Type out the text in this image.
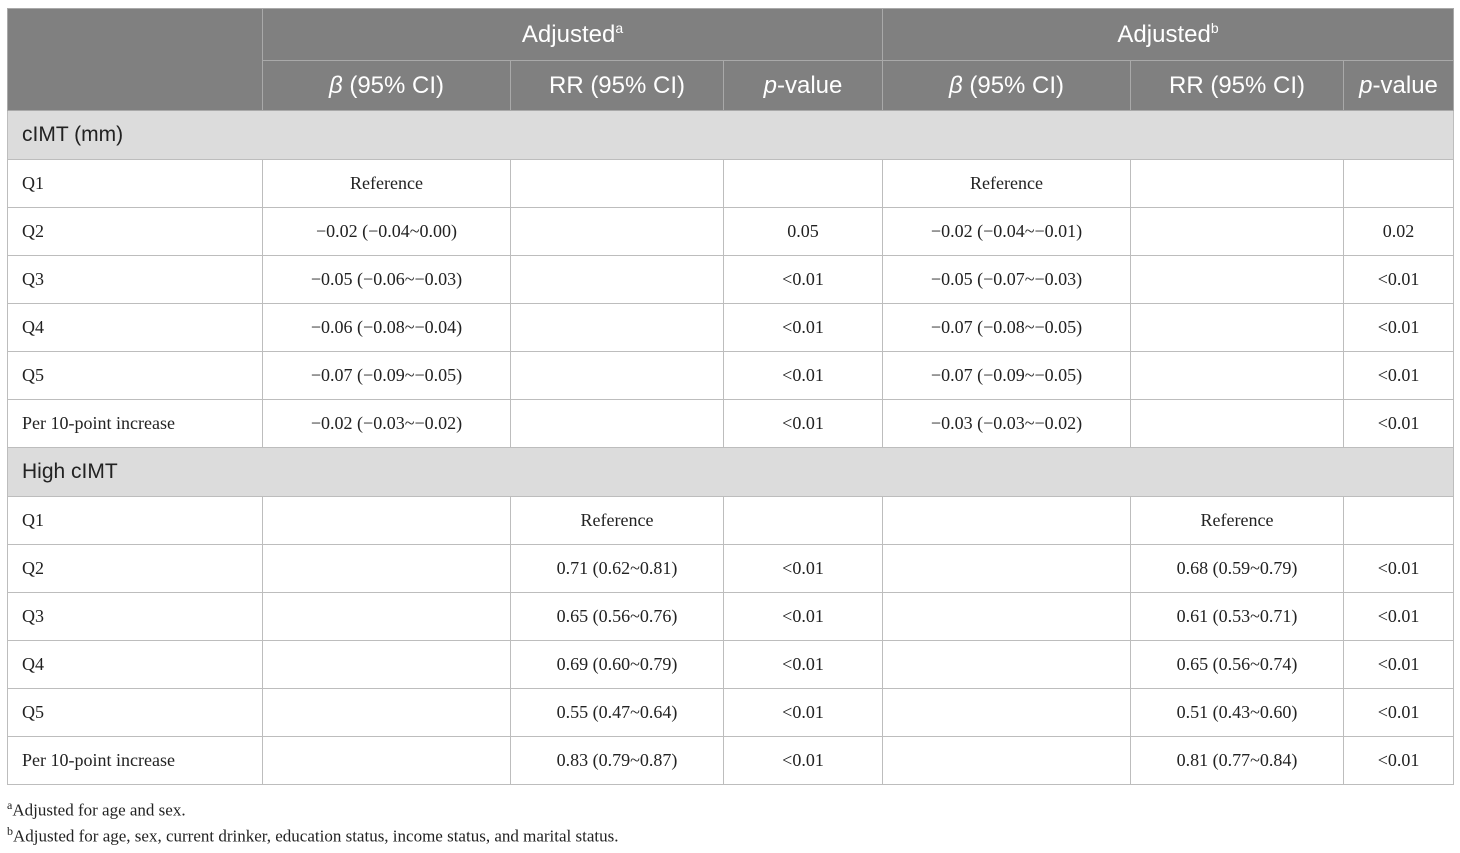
	Adjusted$^a$			Adjusted$^b$
	β (95% CI)	RR (95% CI)	p-value	β (95% CI)	RR (95% CI)	p-value
cIMT (mm)						
Q1	Reference			Reference		
Q2	−0.02 (−0.04~0.00)		0.05	−0.02 (−0.04~−0.01)		0.02
Q3	−0.05 (−0.06~−0.03)		<0.01	−0.05 (−0.07~−0.03)		<0.01
Q4	−0.06 (−0.08~−0.04)		<0.01	−0.07 (−0.08~−0.05)		<0.01
Q5	−0.07 (−0.09~−0.05)		<0.01	−0.07 (−0.09~−0.05)		<0.01
Per 10-point increase	−0.02 (−0.03~−0.02)		<0.01	−0.03 (−0.03~−0.02)		<0.01
High cIMT						
Q1		Reference			Reference	
Q2		0.71 (0.62~0.81)	<0.01		0.68 (0.59~0.79)	<0.01
Q3		0.65 (0.56~0.76)	<0.01		0.61 (0.53~0.71)	<0.01
Q4		0.69 (0.60~0.79)	<0.01		0.65 (0.56~0.74)	<0.01
Q5		0.55 (0.47~0.64)	<0.01		0.51 (0.43~0.60)	<0.01
Per 10-point increase		0.83 (0.79~0.87)	<0.01		0.81 (0.77~0.84)	<0.01
$^a$Adjusted for age and sex.
$^b$Adjusted for age, sex, current drinker, education status, income status, and marital status.
